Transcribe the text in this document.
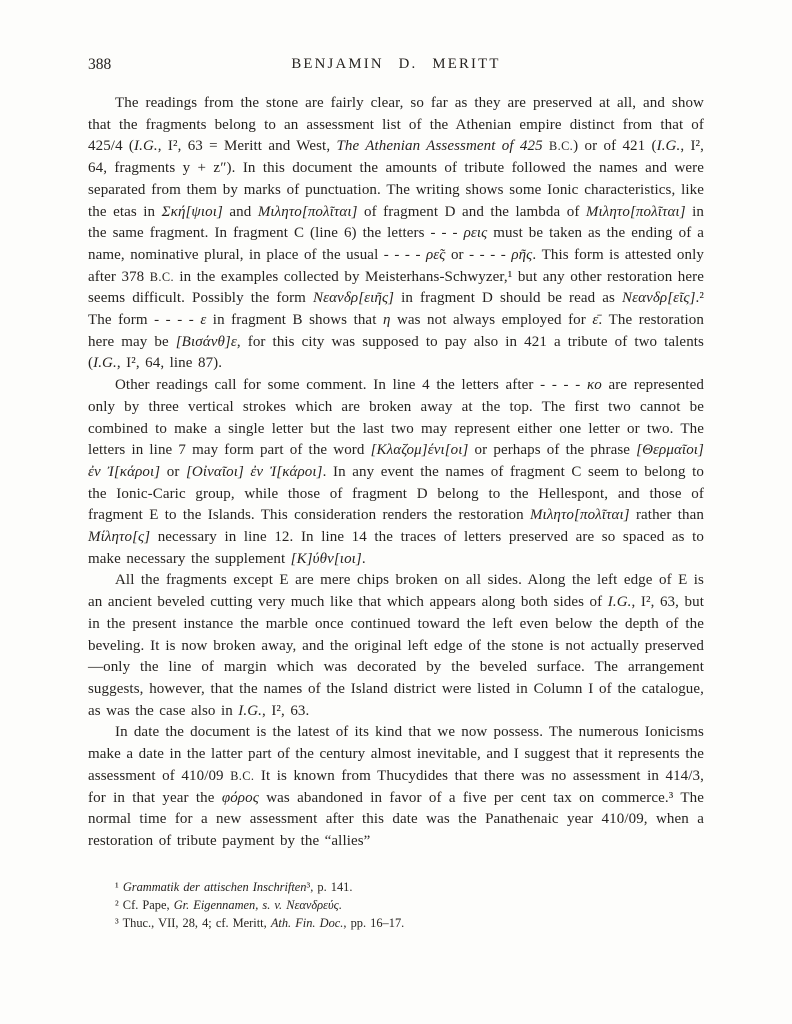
388	BENJAMIN D. MERITT

The readings from the stone are fairly clear, so far as they are preserved at all, and show that the fragments belong to an assessment list of the Athenian empire distinct from that of 425/4 (I.G., I², 63 = Meritt and West, The Athenian Assessment of 425 B.C.) or of 421 (I.G., I², 64, fragments y + z″). In this document the amounts of tribute followed the names and were separated from them by marks of punctuation. The writing shows some Ionic characteristics, like the etas in Σκή[ψιοι] and Μιλητο[πολῖται] of fragment D and the lambda of Μιλητο[πολῖται] in the same fragment. In fragment C (line 6) the letters - - - ρεις must be taken as the ending of a name, nominative plural, in place of the usual - - - - ρε̃ς or - - - - ρῆς. This form is attested only after 378 B.C. in the examples collected by Meisterhans-Schwyzer,¹ but any other restoration here seems difficult. Possibly the form Νεανδρ[ειῆς] in fragment D should be read as Νεανδρ[εῖς].² The form - - - - ε in fragment B shows that η was not always employed for ε̄. The restoration here may be [Βισάνθ]ε, for this city was supposed to pay also in 421 a tribute of two talents (I.G., I², 64, line 87).

Other readings call for some comment. In line 4 the letters after - - - - κο are represented only by three vertical strokes which are broken away at the top. The first two cannot be combined to make a single letter but the last two may represent either one letter or two. The letters in line 7 may form part of the word [Κλαζομ]ένι[οι] or perhaps of the phrase [Θερμαῖοι] ἐν Ἰ[κάροι] or [Οἰναῖοι] ἐν Ἰ[κάροι]. In any event the names of fragment C seem to belong to the Ionic-Caric group, while those of fragment D belong to the Hellespont, and those of fragment E to the Islands. This consideration renders the restoration Μιλητο[πολῖται] rather than Μίλητο[ς] necessary in line 12. In line 14 the traces of letters preserved are so spaced as to make necessary the supplement [Κ]ύθν[ιοι].

All the fragments except E are mere chips broken on all sides. Along the left edge of E is an ancient beveled cutting very much like that which appears along both sides of I.G., I², 63, but in the present instance the marble once continued toward the left even below the depth of the beveling. It is now broken away, and the original left edge of the stone is not actually preserved—only the line of margin which was decorated by the beveled surface. The arrangement suggests, however, that the names of the Island district were listed in Column I of the catalogue, as was the case also in I.G., I², 63.

In date the document is the latest of its kind that we now possess. The numerous Ionicisms make a date in the latter part of the century almost inevitable, and I suggest that it represents the assessment of 410/09 B.C. It is known from Thucydides that there was no assessment in 414/3, for in that year the φόρος was abandoned in favor of a five per cent tax on commerce.³ The normal time for a new assessment after this date was the Panathenaic year 410/09, when a restoration of tribute payment by the “allies”

¹ Grammatik der attischen Inschriften³, p. 141.

² Cf. Pape, Gr. Eigennamen, s. v. Νεανδρεύς.

³ Thuc., VII, 28, 4; cf. Meritt, Ath. Fin. Doc., pp. 16–17.
